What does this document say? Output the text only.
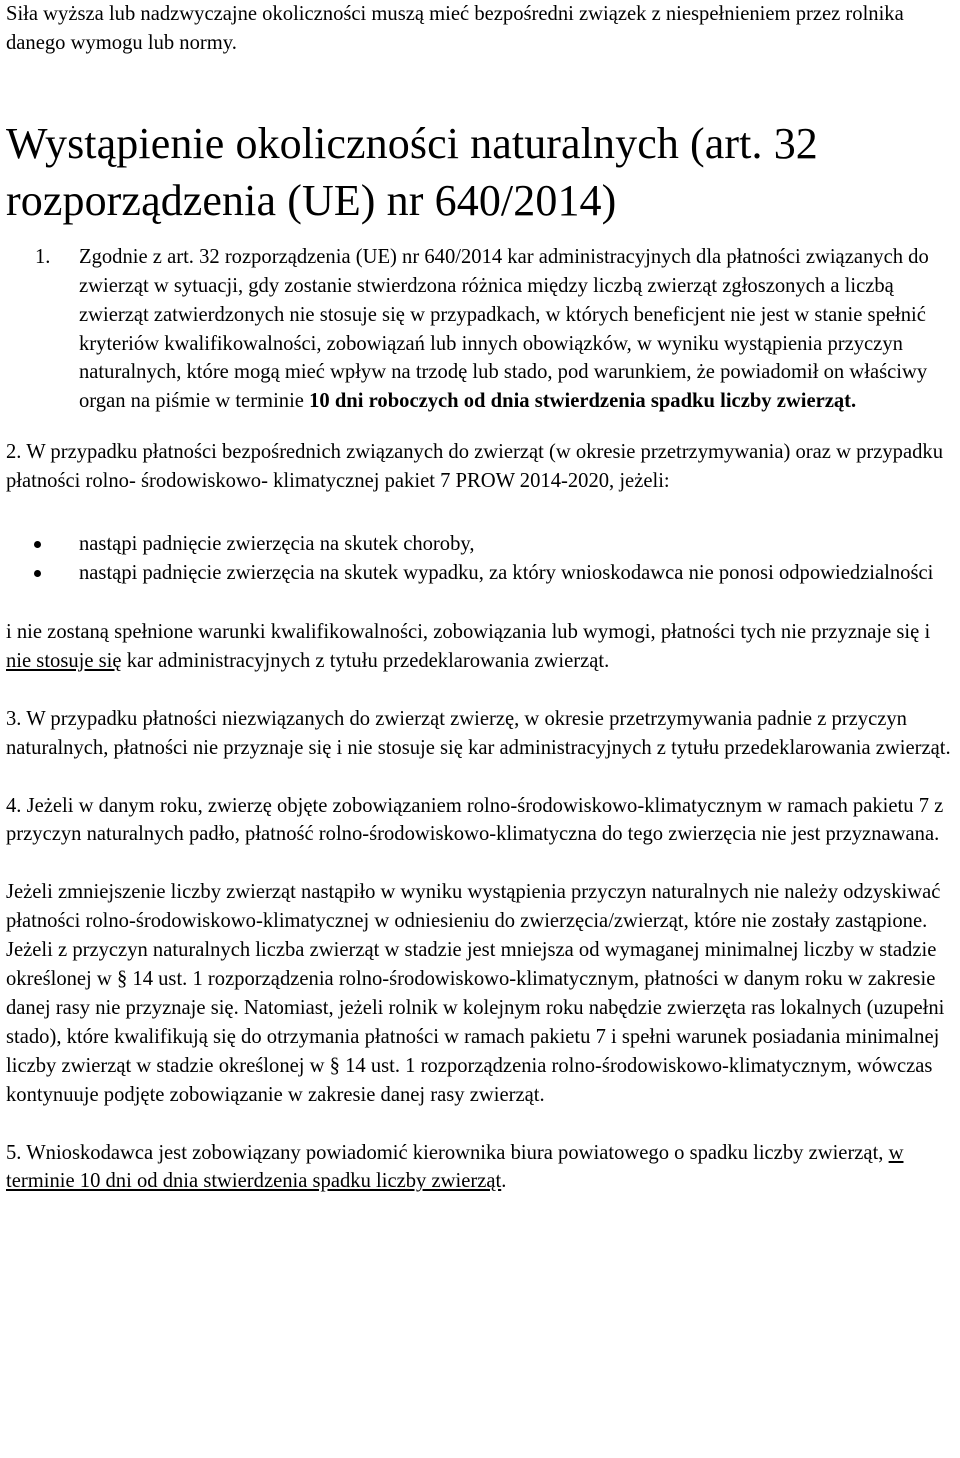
Siła wyższa lub nadzwyczajne okoliczności muszą mieć bezpośredni związek z niespełnieniem przez rolnika danego wymogu lub normy.

Wystąpienie okoliczności naturalnych (art. 32 rozporządzenia (UE) nr 640/2014)
1. Zgodnie z art. 32 rozporządzenia (UE) nr 640/2014 kar administracyjnych dla płatności związanych do zwierząt w sytuacji, gdy zostanie stwierdzona różnica między liczbą zwierząt zgłoszonych a liczbą zwierząt zatwierdzonych nie stosuje się w przypadkach, w których beneficjent nie jest w stanie spełnić kryteriów kwalifikowalności, zobowiązań lub innych obowiązków, w wyniku wystąpienia przyczyn naturalnych, które mogą mieć wpływ na trzodę lub stado, pod warunkiem, że powiadomił on właściwy organ na piśmie w terminie 10 dni roboczych od dnia stwierdzenia spadku liczby zwierząt.

2. W przypadku płatności bezpośrednich związanych do zwierząt (w okresie przetrzymywania) oraz w przypadku płatności rolno- środowiskowo- klimatycznej pakiet 7 PROW 2014-2020, jeżeli:

nastąpi padnięcie zwierzęcia na skutek choroby,
nastąpi padnięcie zwierzęcia na skutek wypadku, za który wnioskodawca nie ponosi odpowiedzialności

i nie zostaną spełnione warunki kwalifikowalności, zobowiązania lub wymogi, płatności tych nie przyznaje się i nie stosuje się kar administracyjnych z tytułu przedeklarowania zwierząt.

3. W przypadku płatności niezwiązanych do zwierząt zwierzę, w okresie przetrzymywania padnie z przyczyn naturalnych, płatności nie przyznaje się i nie stosuje się kar administracyjnych z tytułu przedeklarowania zwierząt.

4. Jeżeli w danym roku, zwierzę objęte zobowiązaniem rolno-środowiskowo-klimatycznym w ramach pakietu 7 z przyczyn naturalnych padło, płatność rolno-środowiskowo-klimatyczna do tego zwierzęcia nie jest przyznawana.

Jeżeli zmniejszenie liczby zwierząt nastąpiło w wyniku wystąpienia przyczyn naturalnych nie należy odzyskiwać płatności rolno-środowiskowo-klimatycznej w odniesieniu do zwierzęcia/zwierząt, które nie zostały zastąpione. Jeżeli z przyczyn naturalnych liczba zwierząt w stadzie jest mniejsza od wymaganej minimalnej liczby w stadzie określonej w § 14 ust. 1 rozporządzenia rolno-środowiskowo-klimatycznym, płatności w danym roku w zakresie danej rasy nie przyznaje się. Natomiast, jeżeli rolnik w kolejnym roku nabędzie zwierzęta ras lokalnych (uzupełni stado), które kwalifikują się do otrzymania płatności w ramach pakietu 7 i spełni warunek posiadania minimalnej liczby zwierząt w stadzie określonej w § 14 ust. 1 rozporządzenia rolno-środowiskowo-klimatycznym, wówczas kontynuuje podjęte zobowiązanie w zakresie danej rasy zwierząt.

5. Wnioskodawca jest zobowiązany powiadomić kierownika biura powiatowego o spadku liczby zwierząt, w terminie 10 dni od dnia stwierdzenia spadku liczby zwierząt.
